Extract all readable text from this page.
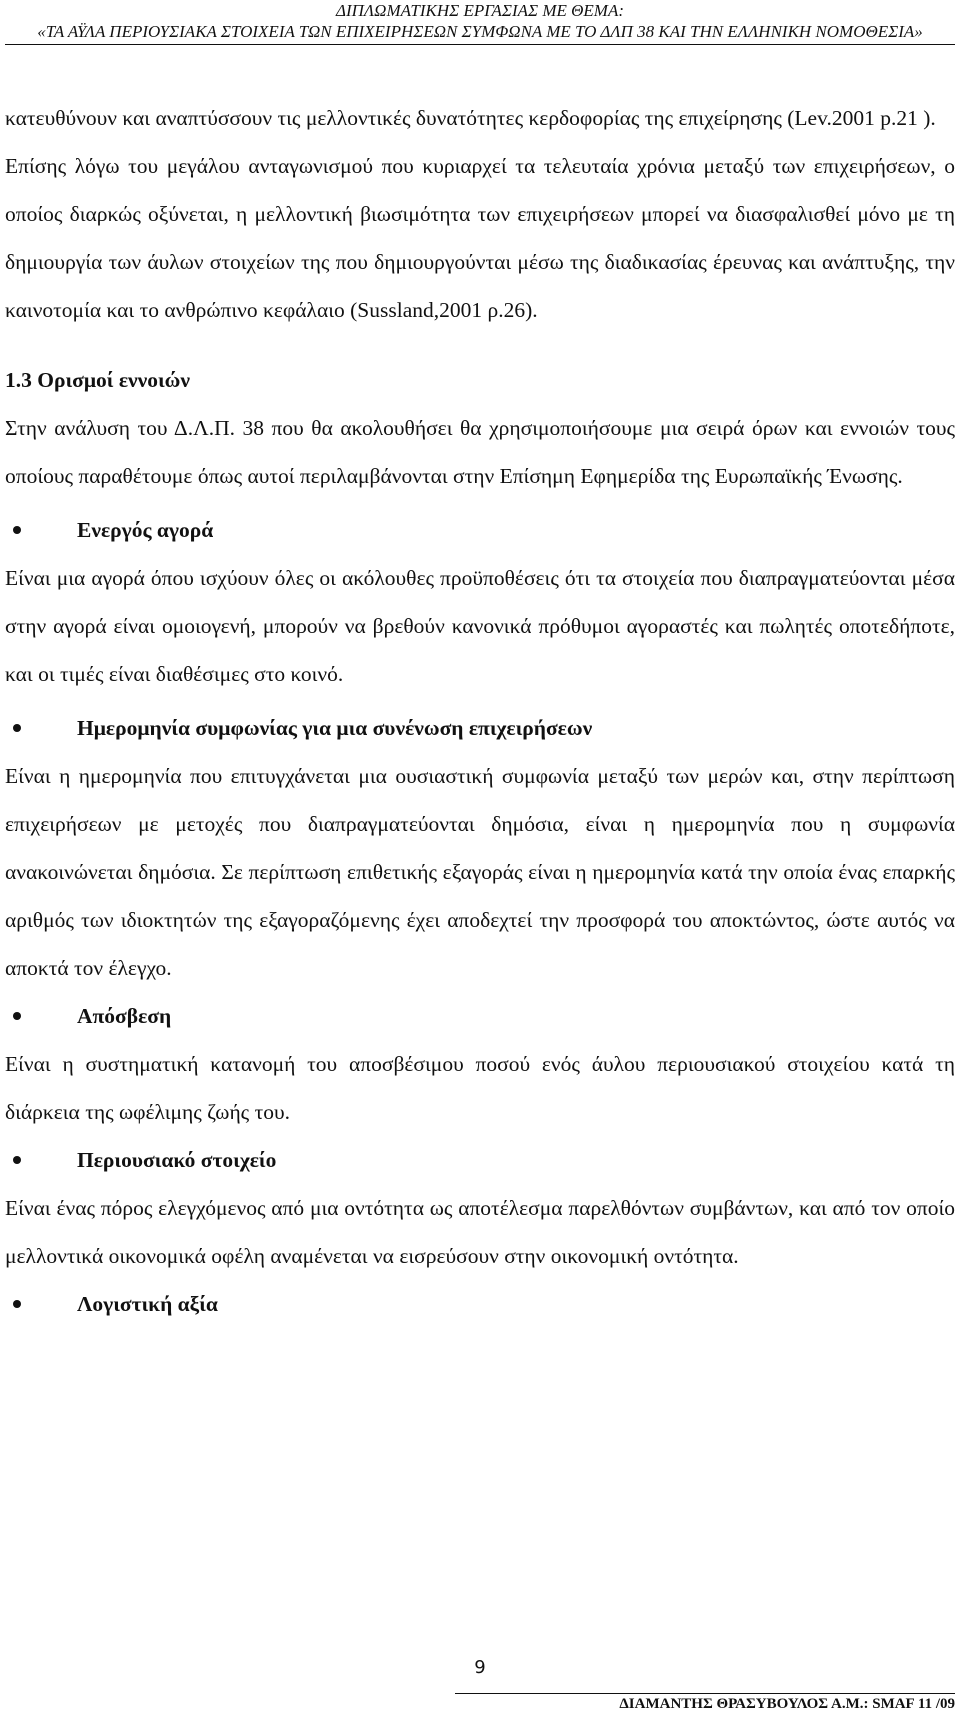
ΔΙΠΛΩΜΑΤΙΚΗΣ ΕΡΓΑΣΙΑΣ ΜΕ ΘΕΜΑ:
«ΤΑ ΑΫΛΑ ΠΕΡΙΟΥΣΙΑΚΑ ΣΤΟΙΧΕΙΑ ΤΩΝ ΕΠΙΧΕΙΡΗΣΕΩΝ ΣΥΜΦΩΝΑ ΜΕ ΤΟ ΔΛΠ 38 ΚΑΙ ΤΗΝ ΕΛΛΗΝΙΚΗ ΝΟΜΟΘΕΣΙΑ»

κατευθύνουν και αναπτύσσουν τις μελλοντικές δυνατότητες κερδοφορίας της επιχείρησης (Lev.2001 p.21 ).

Επίσης λόγω του μεγάλου ανταγωνισμού που κυριαρχεί τα τελευταία χρόνια μεταξύ των επιχειρήσεων, ο οποίος διαρκώς οξύνεται, η μελλοντική βιωσιμότητα των επιχειρήσεων μπορεί να διασφαλισθεί μόνο με τη δημιουργία των άυλων στοιχείων της που δημιουργούνται μέσω της διαδικασίας έρευνας και ανάπτυξης, την καινοτομία και το ανθρώπινο κεφάλαιο (Sussland,2001 ρ.26).

1.3 Ορισμοί εννοιών

Στην ανάλυση του Δ.Λ.Π. 38 που θα ακολουθήσει θα χρησιμοποιήσουμε μια σειρά όρων και εννοιών τους οποίους παραθέτουμε όπως αυτοί περιλαμβάνονται στην Επίσημη Εφημερίδα της Ευρωπαϊκής Ένωσης.

Ενεργός αγορά

Είναι μια αγορά όπου ισχύουν όλες οι ακόλουθες προϋποθέσεις ότι τα στοιχεία που διαπραγματεύονται μέσα στην αγορά είναι ομοιογενή, μπορούν να βρεθούν κανονικά πρόθυμοι αγοραστές και πωλητές οποτεδήποτε, και οι τιμές είναι διαθέσιμες στο κοινό.

Ημερομηνία συμφωνίας για μια συνένωση επιχειρήσεων

Είναι η ημερομηνία που επιτυγχάνεται μια ουσιαστική συμφωνία μεταξύ των μερών και, στην περίπτωση επιχειρήσεων με μετοχές που διαπραγματεύονται δημόσια, είναι η ημερομηνία που η συμφωνία ανακοινώνεται δημόσια. Σε περίπτωση επιθετικής εξαγοράς είναι η ημερομηνία κατά την οποία ένας επαρκής αριθμός των ιδιοκτητών της εξαγοραζόμενης έχει αποδεχτεί την προσφορά του αποκτώντος, ώστε αυτός να αποκτά τον έλεγχο.

Απόσβεση

Είναι η συστηματική κατανομή του αποσβέσιμου ποσού ενός άυλου περιουσιακού στοιχείου κατά τη διάρκεια της ωφέλιμης ζωής του.

Περιουσιακό στοιχείο

Είναι ένας πόρος ελεγχόμενος από μια οντότητα ως αποτέλεσμα παρελθόντων συμβάντων, και από τον οποίο μελλοντικά οικονομικά οφέλη αναμένεται να εισρεύσουν στην οικονομική οντότητα.

Λογιστική αξία
9
ΔΙΑΜΑΝΤΗΣ ΘΡΑΣΥΒΟΥΛΟΣ Α.Μ.: SMAF 11 /09
